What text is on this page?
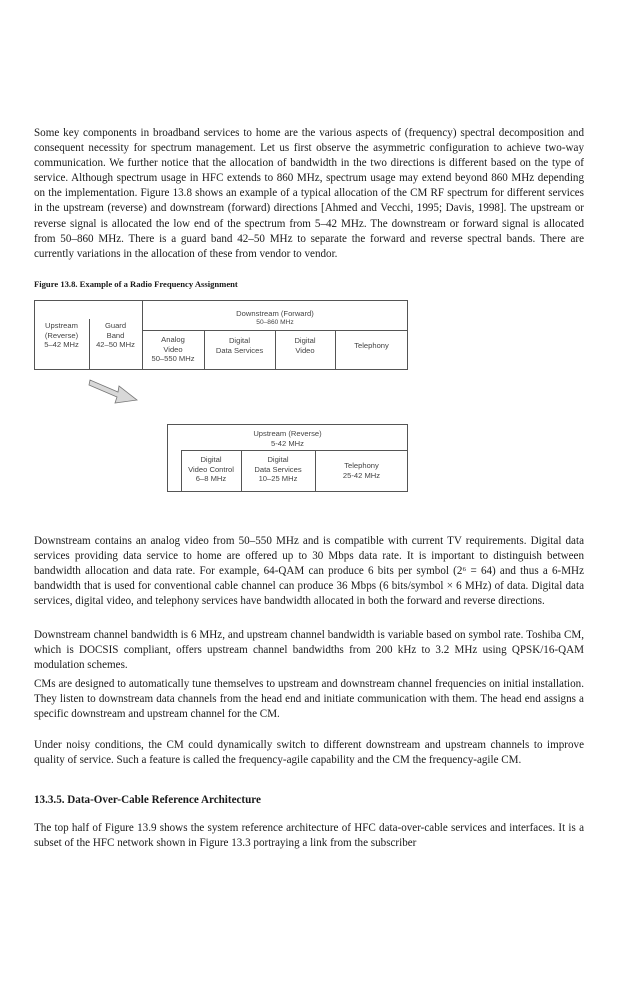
Some key components in broadband services to home are the various aspects of (frequency) spectral decomposition and consequent necessity for spectrum management. Let us first observe the asymmetric configuration to achieve two-way communication. We further notice that the allocation of bandwidth in the two directions is different based on the type of service. Although spectrum usage in HFC extends to 860 MHz, spectrum usage may extend beyond 860 MHz depending on the implementation. Figure 13.8 shows an example of a typical allocation of the CM RF spectrum for different services in the upstream (reverse) and downstream (forward) directions [Ahmed and Vecchi, 1995; Davis, 1998]. The upstream or reverse signal is allocated the low end of the spectrum from 5–42 MHz. The downstream or forward signal is allocated from 50–860 MHz. There is a guard band 42–50 MHz to separate the forward and reverse spectral bands. There are currently variations in the allocation of these from vendor to vendor.

Figure 13.8. Example of a Radio Frequency Assignment

Downstream (Forward)
50–860 MHz
Upstream
(Reverse)
5–42 MHz
Guard
Band
42–50 MHz
Analog
Video
50–550 MHz
Digital
Data Services
Digital
Video
Telephony
Upstream (Reverse)
5-42 MHz
Digital
Video Control
6–8 MHz
Digital
Data Services
10–25 MHz
Telephony
25-42 MHz

Downstream contains an analog video from 50–550 MHz and is compatible with current TV requirements. Digital data services providing data service to home are offered up to 30 Mbps data rate. It is important to distinguish between bandwidth allocation and data rate. For example, 64-QAM can produce 6 bits per symbol (2⁶ = 64) and thus a 6-MHz bandwidth that is used for conventional cable channel can produce 36 Mbps (6 bits/symbol × 6 MHz) of data. Digital data services, digital video, and telephony services have bandwidth allocated in both the forward and reverse directions.

Downstream channel bandwidth is 6 MHz, and upstream channel bandwidth is variable based on symbol rate. Toshiba CM, which is DOCSIS compliant, offers upstream channel bandwidths from 200 kHz to 3.2 MHz using QPSK/16-QAM modulation schemes.

CMs are designed to automatically tune themselves to upstream and downstream channel frequencies on initial installation. They listen to downstream data channels from the head end and initiate communication with them. The head end assigns a specific downstream and upstream channel for the CM.

Under noisy conditions, the CM could dynamically switch to different downstream and upstream channels to improve quality of service. Such a feature is called the frequency-agile capability and the CM the frequency-agile CM.

13.3.5. Data-Over-Cable Reference Architecture

The top half of Figure 13.9 shows the system reference architecture of HFC data-over-cable services and interfaces. It is a subset of the HFC network shown in Figure 13.3 portraying a link from the subscriber
